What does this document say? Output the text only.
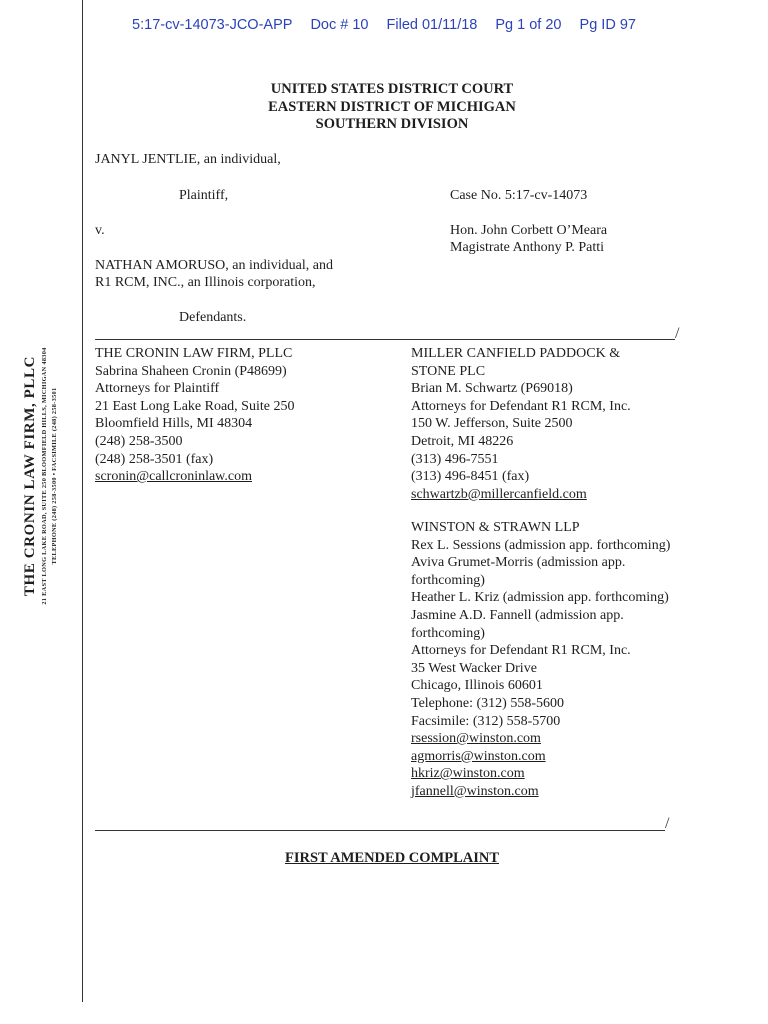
5:17-cv-14073-JCO-APP Doc # 10 Filed 01/11/18 Pg 1 of 20 Pg ID 97
THE CRONIN LAW FIRM, PLLC 21 EAST LONG LAKE ROAD, SUITE 250 BLOOMFIELD HILLS, MICHIGAN 48304 TELEPHONE (248) 258-3500 • FACSIMILE (248) 258-3501
UNITED STATES DISTRICT COURT
EASTERN DISTRICT OF MICHIGAN
SOUTHERN DIVISION
JANYL JENTLIE, an individual,
Plaintiff,
v.
NATHAN AMORUSO, an individual, and
R1 RCM, INC., an Illinois corporation,
Defendants.
Case No. 5:17-cv-14073
Hon. John Corbett O’Meara
Magistrate Anthony P. Patti
/
THE CRONIN LAW FIRM, PLLC
Sabrina Shaheen Cronin (P48699)
Attorneys for Plaintiff
21 East Long Lake Road, Suite 250
Bloomfield Hills, MI 48304
(248) 258-3500
(248) 258-3501 (fax)
scronin@callcroninlaw.com
MILLER CANFIELD PADDOCK &
STONE PLC
Brian M. Schwartz (P69018)
Attorneys for Defendant R1 RCM, Inc.
150 W. Jefferson, Suite 2500
Detroit, MI 48226
(313) 496-7551
(313) 496-8451 (fax)
schwartzb@millercanfield.com
WINSTON & STRAWN LLP
Rex L. Sessions (admission app. forthcoming)
Aviva Grumet-Morris (admission app.
forthcoming)
Heather L. Kriz (admission app. forthcoming)
Jasmine A.D. Fannell (admission app.
forthcoming)
Attorneys for Defendant R1 RCM, Inc.
35 West Wacker Drive
Chicago, Illinois 60601
Telephone: (312) 558-5600
Facsimile: (312) 558-5700
rsession@winston.com
agmorris@winston.com
hkriz@winston.com
jfannell@winston.com
/
FIRST AMENDED COMPLAINT
